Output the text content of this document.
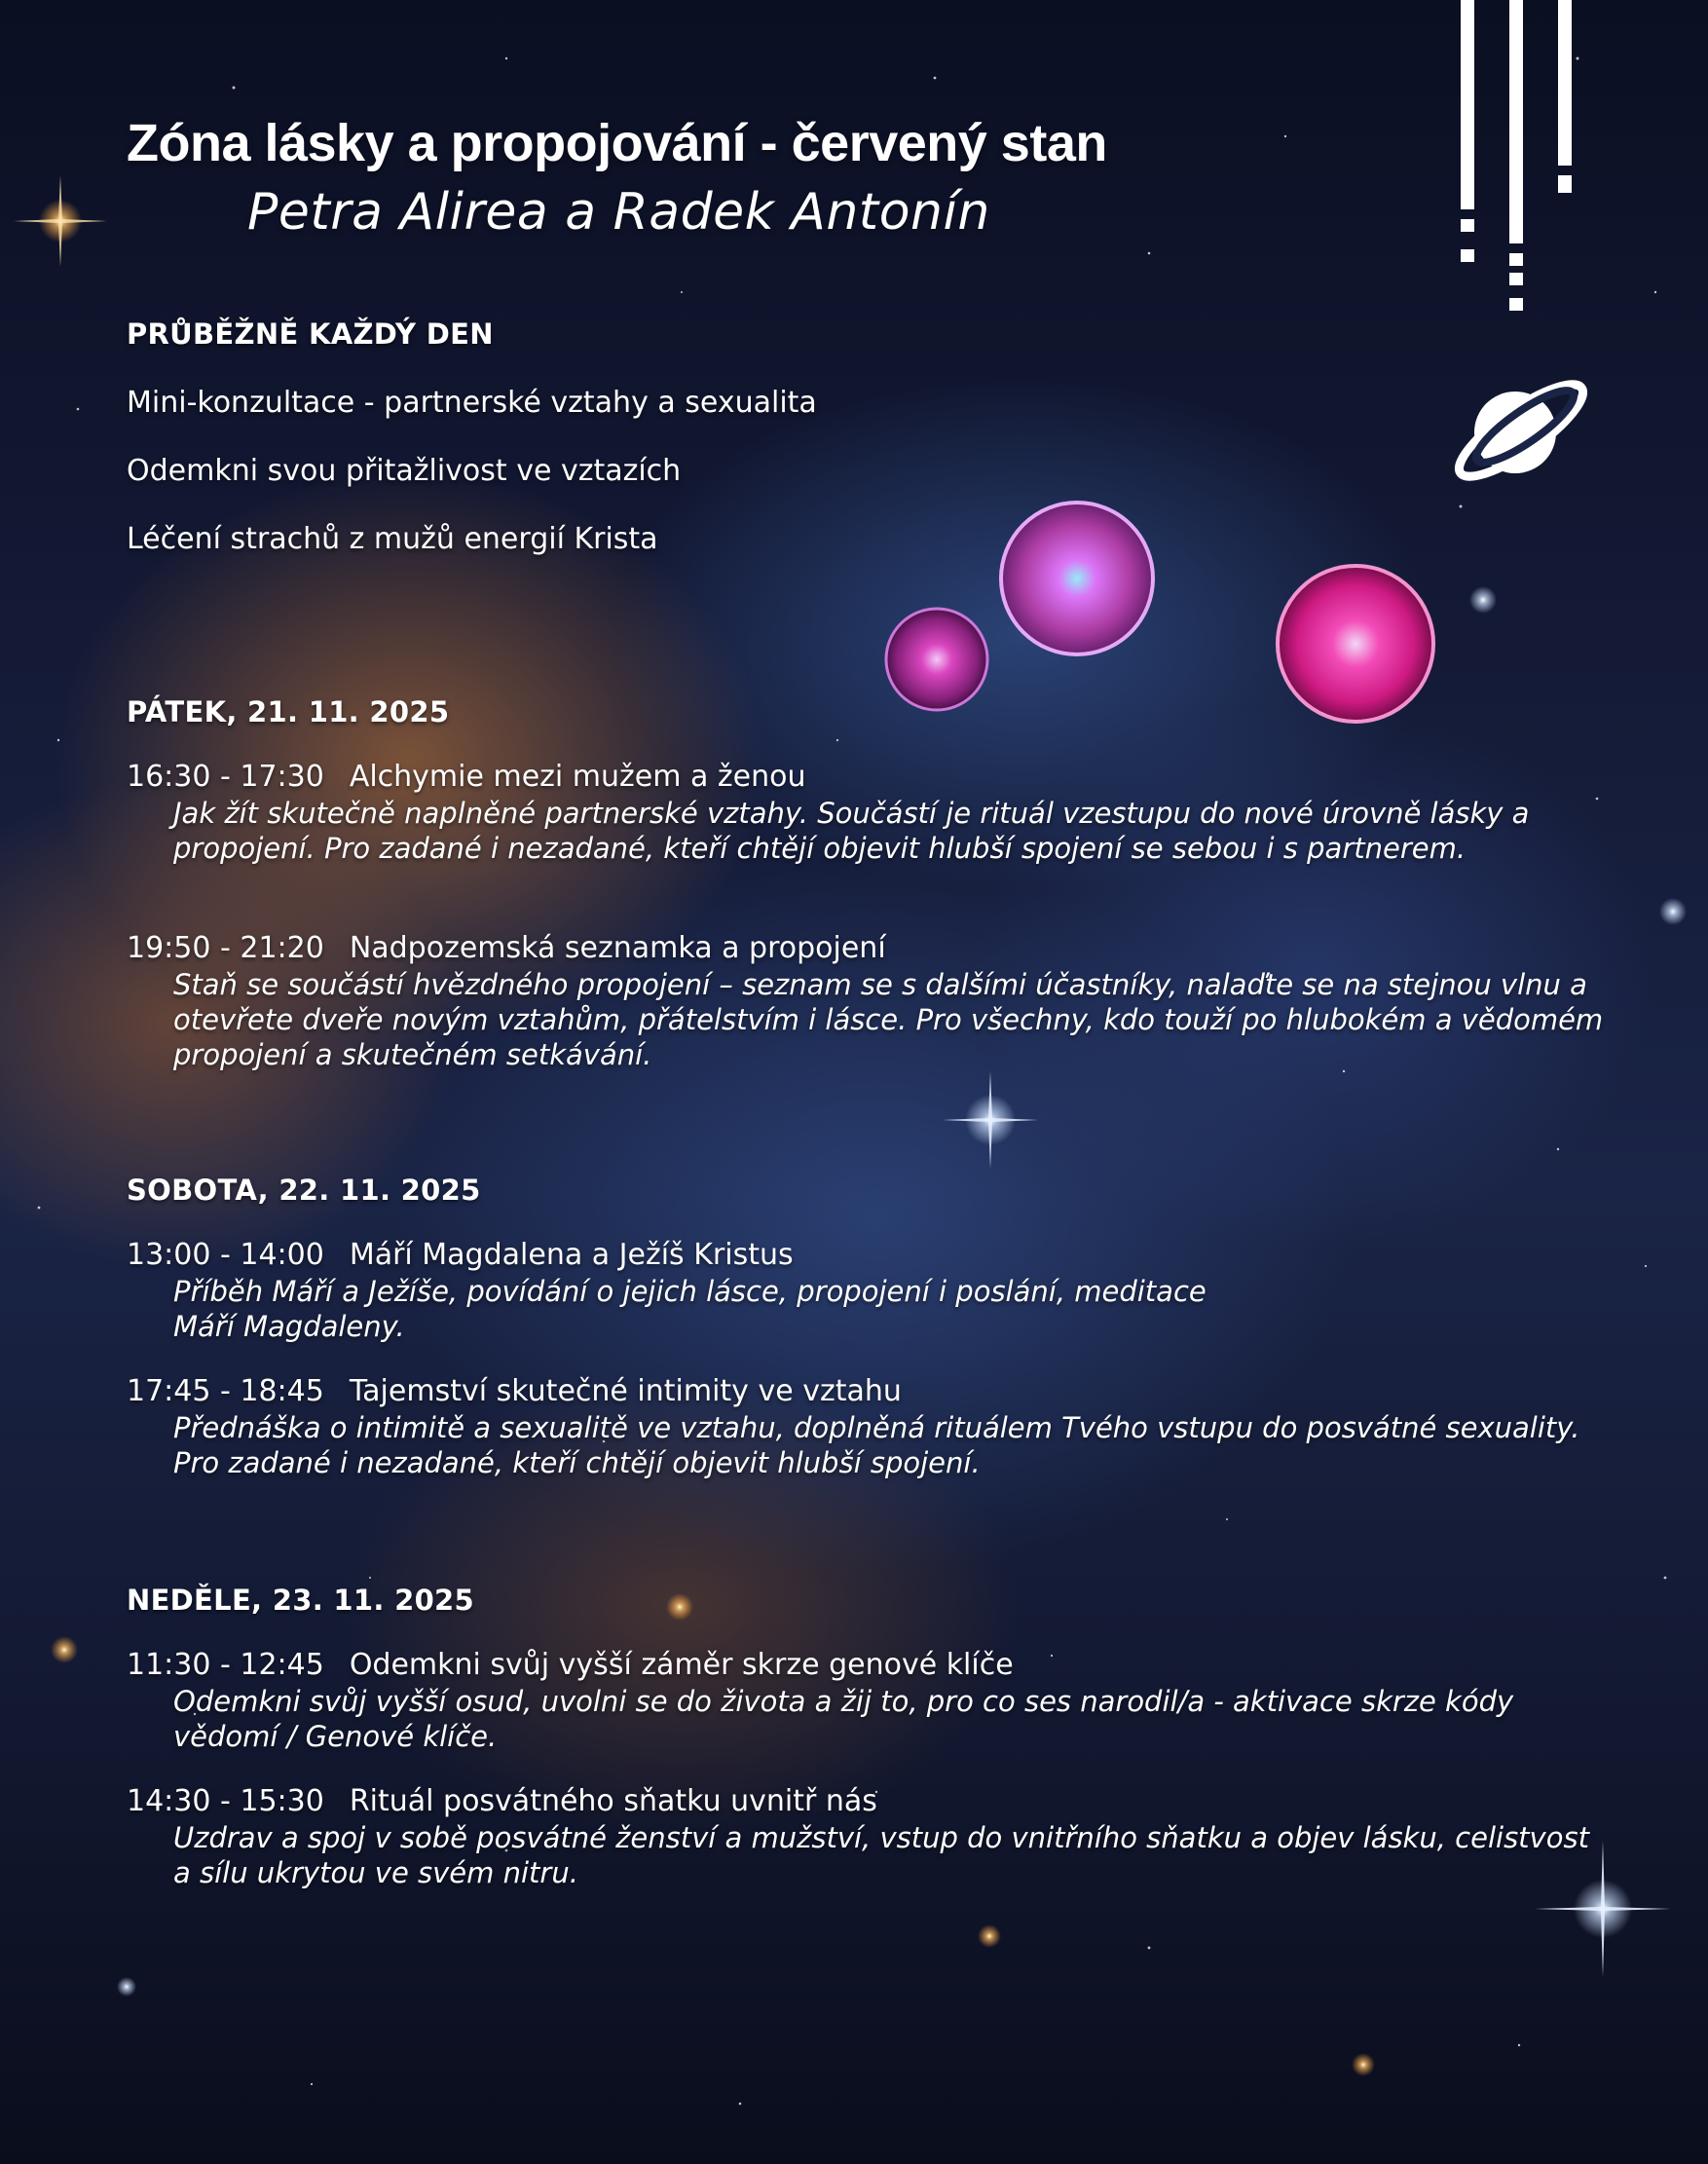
Zóna lásky a propojování - červený stan
Petra Alirea a Radek Antonín

PRŮBĚŽNĚ KAŽDÝ DEN

Mini-konzultace - partnerské vztahy a sexualita

Odemkni svou přitažlivost ve vztazích

Léčení strachů z mužů energií Krista

PÁTEK, 21. 11. 2025

16:30 - 17:30 Alchymie mezi mužem a ženou
Jak žít skutečně naplněné partnerské vztahy. Součástí je rituál vzestupu do nové úrovně lásky a propojení. Pro zadané i nezadané, kteří chtějí objevit hlubší spojení se sebou i s partnerem.
19:50 - 21:20 Nadpozemská seznamka a propojení
Staň se součástí hvězdného propojení – seznam se s dalšími účastníky, nalaďte se na stejnou vlnu a otevřete dveře novým vztahům, přátelstvím i lásce. Pro všechny, kdo touží po hlubokém a vědomém propojení a skutečném setkávání.

SOBOTA, 22. 11. 2025

13:00 - 14:00 Máří Magdalena a Ježíš Kristus
Příběh Máří a Ježíše, povídání o jejich lásce, propojení i poslání, meditace Máří Magdaleny.
17:45 - 18:45 Tajemství skutečné intimity ve vztahu
Přednáška o intimitě a sexualitě ve vztahu, doplněná rituálem Tvého vstupu do posvátné sexuality. Pro zadané i nezadané, kteří chtějí objevit hlubší spojení.

NEDĚLE, 23. 11. 2025

11:30 - 12:45 Odemkni svůj vyšší záměr skrze genové klíče
Odemkni svůj vyšší osud, uvolni se do života a žij to, pro co ses narodil/a - aktivace skrze kódy vědomí / Genové klíče.
14:30 - 15:30 Rituál posvátného sňatku uvnitř nás
Uzdrav a spoj v sobě posvátné ženství a mužství, vstup do vnitřního sňatku a objev lásku, celistvost a sílu ukrytou ve svém nitru.
